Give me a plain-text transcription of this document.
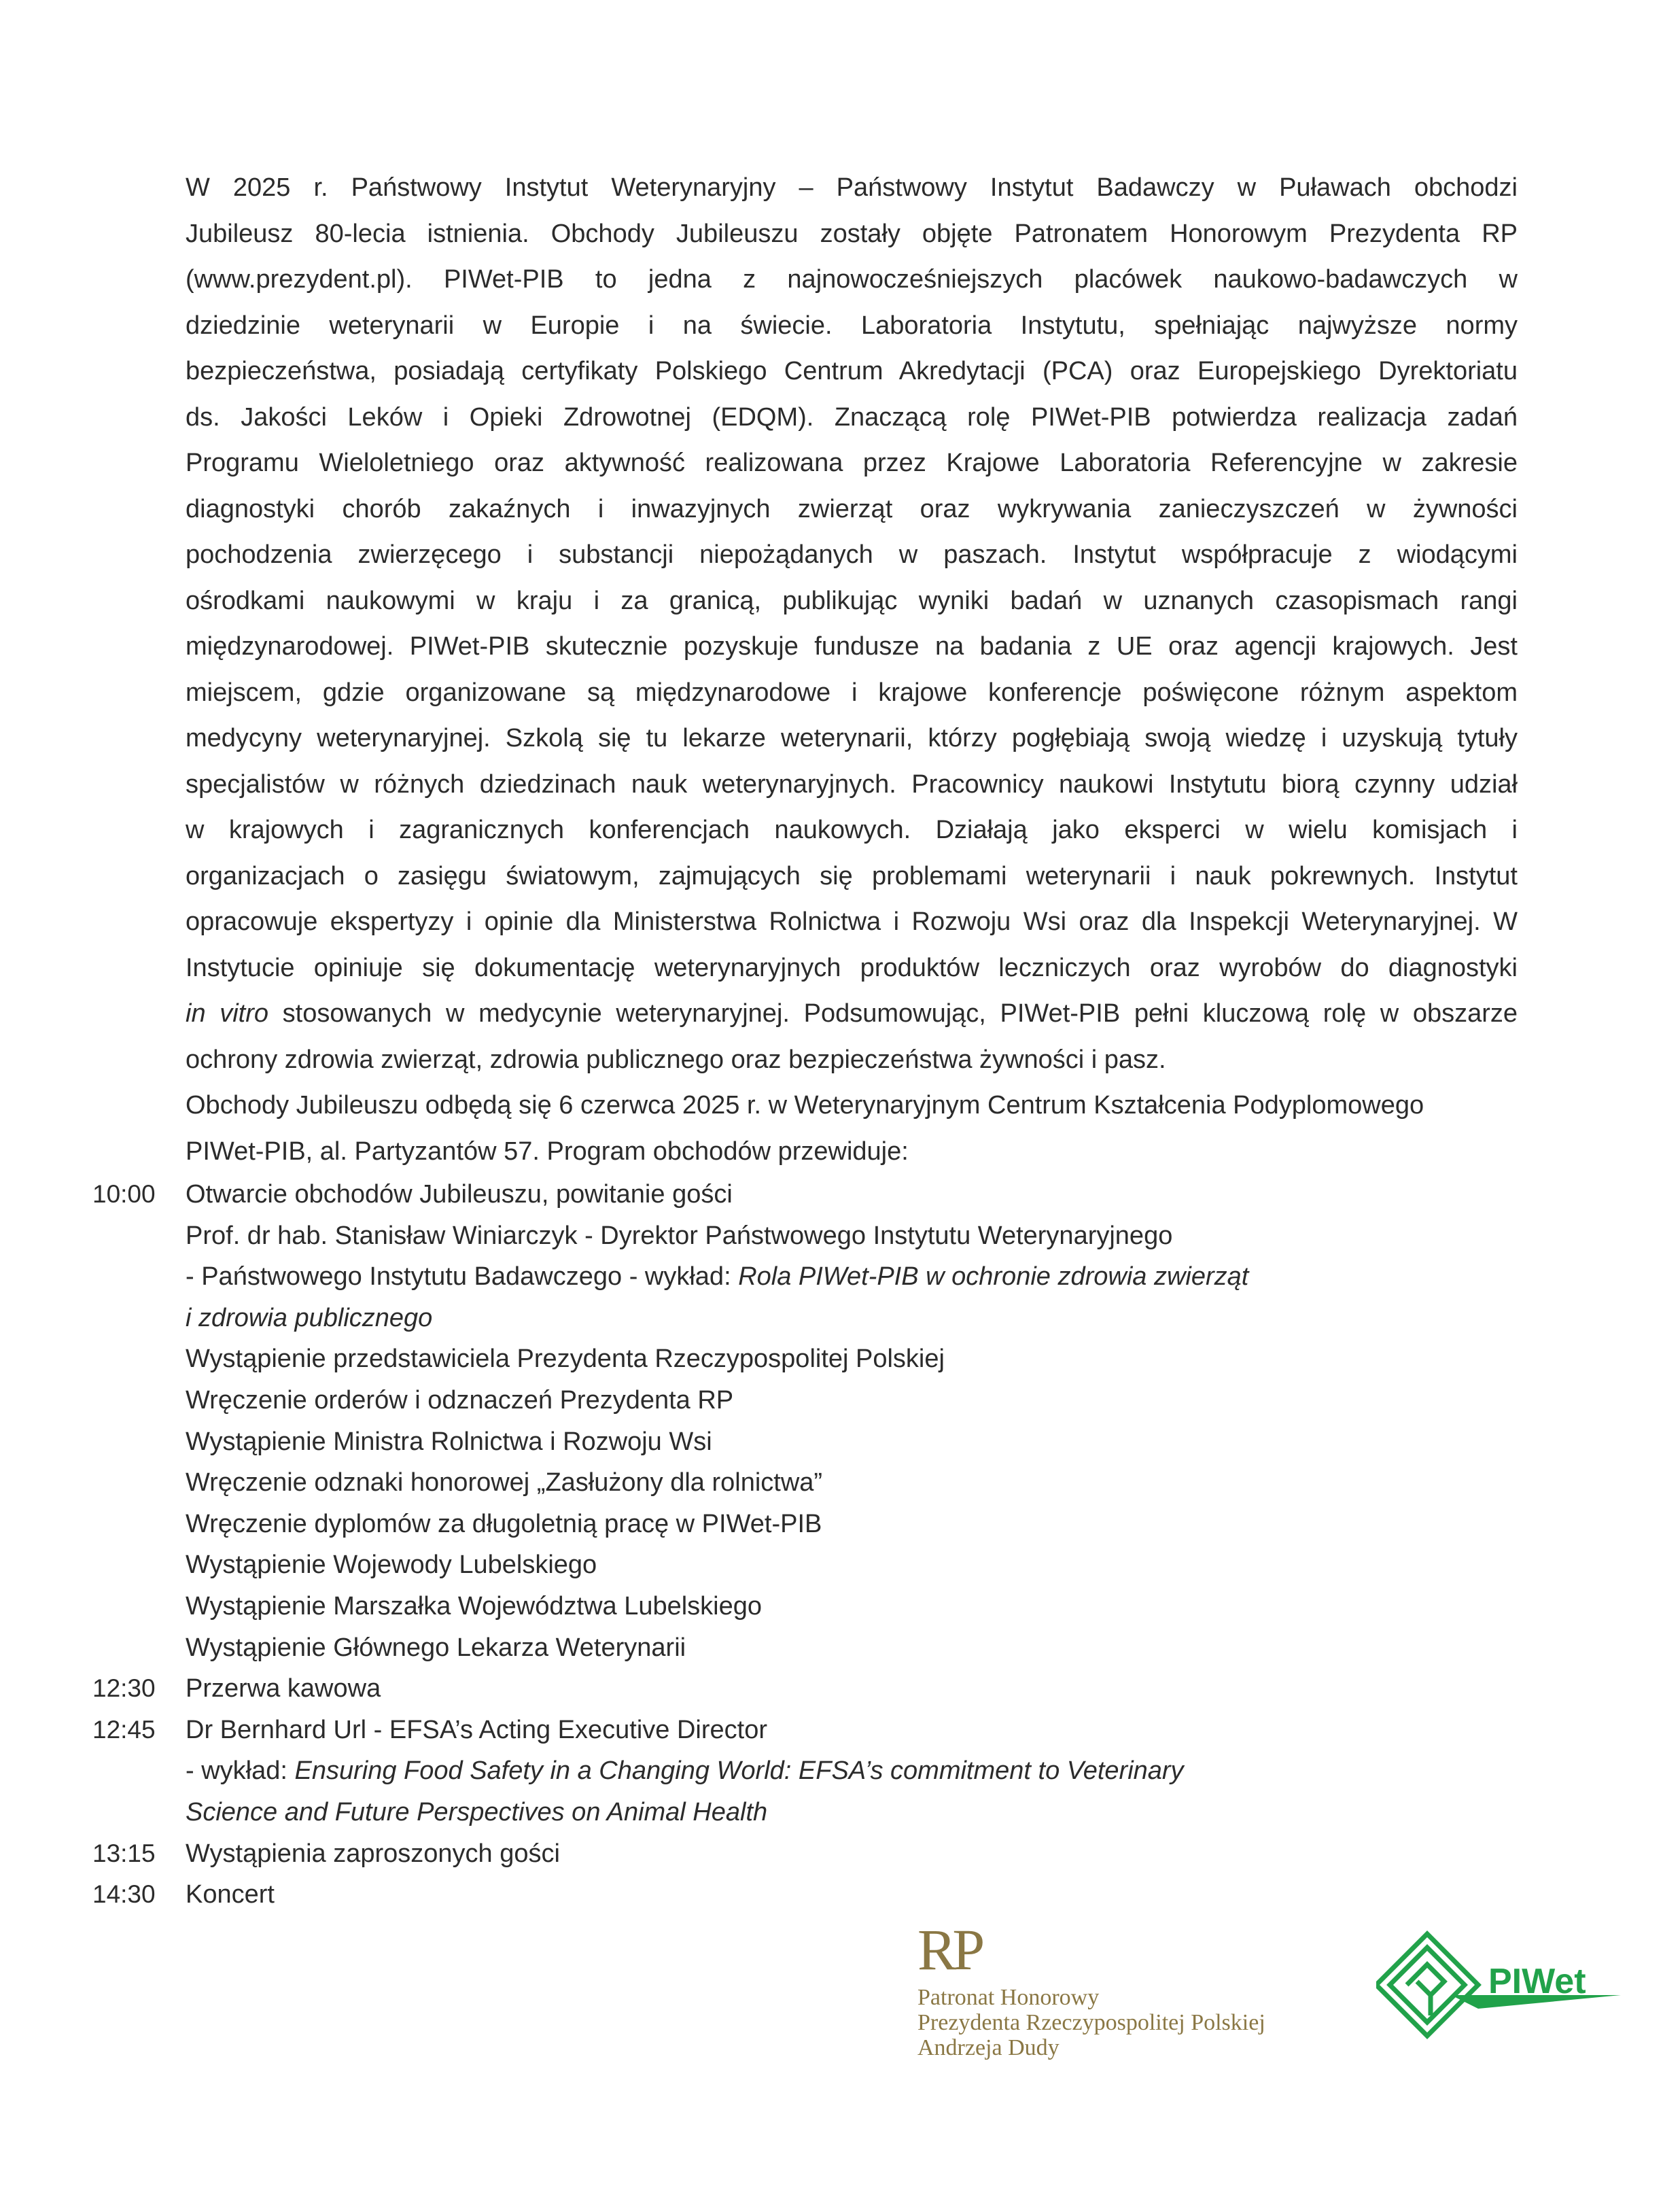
W 2025 r. Państwowy Instytut Weterynaryjny – Państwowy Instytut Badawczy w Puławach obchodzi
Jubileusz 80-lecia istnienia. Obchody Jubileuszu zostały objęte Patronatem Honorowym Prezydenta RP
(www.prezydent.pl). PIWet-PIB to jedna z najnowocześniejszych placówek naukowo-badawczych w
dziedzinie weterynarii w Europie i na świecie. Laboratoria Instytutu, spełniając najwyższe normy
bezpieczeństwa, posiadają certyfikaty Polskiego Centrum Akredytacji (PCA) oraz Europejskiego Dyrektoriatu
ds. Jakości Leków i Opieki Zdrowotnej (EDQM). Znaczącą rolę PIWet-PIB potwierdza realizacja zadań
Programu Wieloletniego oraz aktywność realizowana przez Krajowe Laboratoria Referencyjne w zakresie
diagnostyki chorób zakaźnych i inwazyjnych zwierząt oraz wykrywania zanieczyszczeń w żywności
pochodzenia zwierzęcego i substancji niepożądanych w paszach. Instytut współpracuje z wiodącymi
ośrodkami naukowymi w kraju i za granicą, publikując wyniki badań w uznanych czasopismach rangi
międzynarodowej. PIWet-PIB skutecznie pozyskuje fundusze na badania z UE oraz agencji krajowych. Jest
miejscem, gdzie organizowane są międzynarodowe i krajowe konferencje poświęcone różnym aspektom
medycyny weterynaryjnej. Szkolą się tu lekarze weterynarii, którzy pogłębiają swoją wiedzę i uzyskują tytuły
specjalistów w różnych dziedzinach nauk weterynaryjnych. Pracownicy naukowi Instytutu biorą czynny udział
w krajowych i zagranicznych konferencjach naukowych. Działają jako eksperci w wielu komisjach i
organizacjach o zasięgu światowym, zajmujących się problemami weterynarii i nauk pokrewnych. Instytut
opracowuje ekspertyzy i opinie dla Ministerstwa Rolnictwa i Rozwoju Wsi oraz dla Inspekcji Weterynaryjnej. W
Instytucie opiniuje się dokumentację weterynaryjnych produktów leczniczych oraz wyrobów do diagnostyki
in vitro stosowanych w medycynie weterynaryjnej. Podsumowując, PIWet-PIB pełni kluczową rolę w obszarze
ochrony zdrowia zwierząt, zdrowia publicznego oraz bezpieczeństwa żywności i pasz.
Obchody Jubileuszu odbędą się 6 czerwca 2025 r. w Weterynaryjnym Centrum Kształcenia Podyplomowego
PIWet-PIB, al. Partyzantów 57. Program obchodów przewiduje:
10:00	Otwarcie obchodów Jubileuszu, powitanie gości
Prof. dr hab. Stanisław Winiarczyk - Dyrektor Państwowego Instytutu Weterynaryjnego
- Państwowego Instytutu Badawczego - wykład: Rola PIWet-PIB w ochronie zdrowia zwierząt
i zdrowia publicznego
Wystąpienie przedstawiciela Prezydenta Rzeczypospolitej Polskiej
Wręczenie orderów i odznaczeń Prezydenta RP
Wystąpienie Ministra Rolnictwa i Rozwoju Wsi
Wręczenie odznaki honorowej „Zasłużony dla rolnictwa”
Wręczenie dyplomów za długoletnią pracę w PIWet-PIB
Wystąpienie Wojewody Lubelskiego
Wystąpienie Marszałka Województwa Lubelskiego
Wystąpienie Głównego Lekarza Weterynarii
12:30	Przerwa kawowa
12:45	Dr Bernhard Url - EFSA’s Acting Executive Director
- wykład: Ensuring Food Safety in a Changing World: EFSA’s commitment to Veterinary
Science and Future Perspectives on Animal Health
13:15	Wystąpienia zaproszonych gości
14:30	Koncert
RP
Patronat Honorowy
Prezydenta Rzeczypospolitej Polskiej
Andrzeja Dudy
PIWet
